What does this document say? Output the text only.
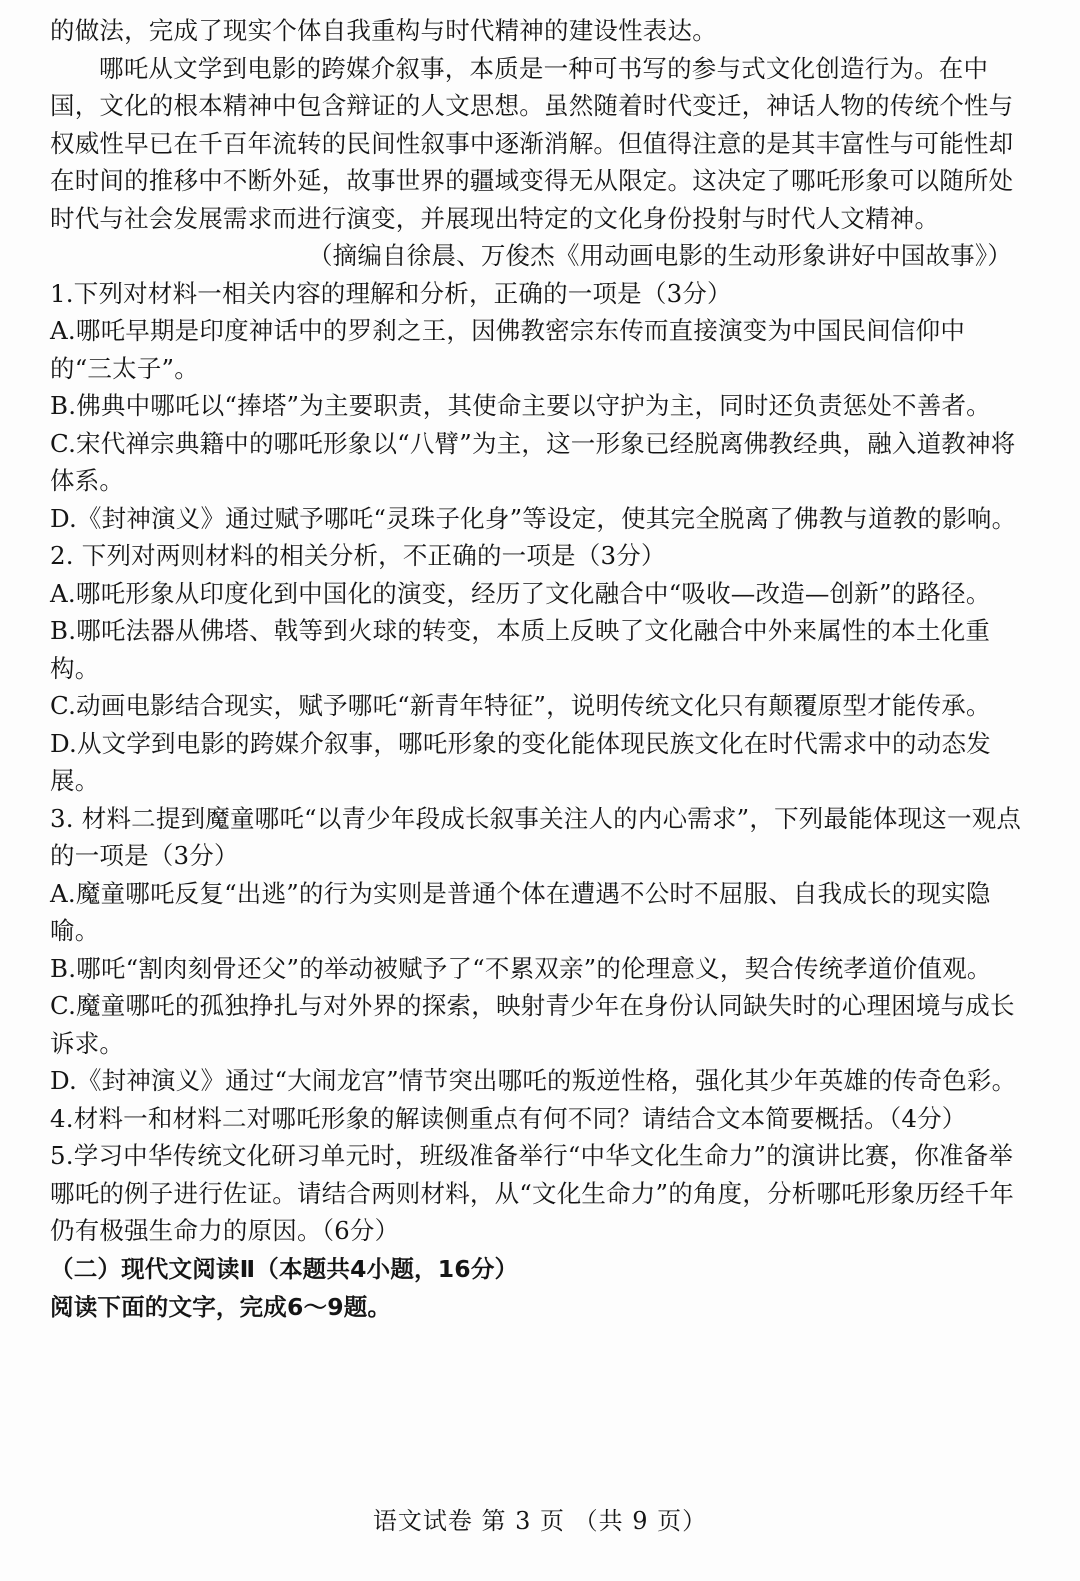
的做法，完成了现实个体自我重构与时代精神的建设性表达。

哪吒从文学到电影的跨媒介叙事，本质是一种可书写的参与式文化创造行为。在中国，文化的根本精神中包含辩证的人文思想。虽然随着时代变迁，神话人物的传统个性与权威性早已在千百年流转的民间性叙事中逐渐消解。但值得注意的是其丰富性与可能性却在时间的推移中不断外延，故事世界的疆域变得无从限定。这决定了哪吒形象可以随所处时代与社会发展需求而进行演变，并展现出特定的文化身份投射与时代人文精神。

（摘编自徐晨、万俊杰《用动画电影的生动形象讲好中国故事》）

1.下列对材料一相关内容的理解和分析，正确的一项是（3分）

A.哪吒早期是印度神话中的罗刹之王，因佛教密宗东传而直接演变为中国民间信仰中的“三太子”。

B.佛典中哪吒以“捧塔”为主要职责，其使命主要以守护为主，同时还负责惩处不善者。

C.宋代禅宗典籍中的哪吒形象以“八臂”为主，这一形象已经脱离佛教经典，融入道教神将体系。

D.《封神演义》通过赋予哪吒“灵珠子化身”等设定，使其完全脱离了佛教与道教的影响。

2. 下列对两则材料的相关分析，不正确的一项是（3分）

A.哪吒形象从印度化到中国化的演变，经历了文化融合中“吸收—改造—创新”的路径。

B.哪吒法器从佛塔、戟等到火球的转变，本质上反映了文化融合中外来属性的本土化重构。

C.动画电影结合现实，赋予哪吒“新青年特征”，说明传统文化只有颠覆原型才能传承。

D.从文学到电影的跨媒介叙事，哪吒形象的变化能体现民族文化在时代需求中的动态发展。

3. 材料二提到魔童哪吒“以青少年段成长叙事关注人的内心需求”，下列最能体现这一观点的一项是（3分）

A.魔童哪吒反复“出逃”的行为实则是普通个体在遭遇不公时不屈服、自我成长的现实隐喻。

B.哪吒“割肉刻骨还父”的举动被赋予了“不累双亲”的伦理意义，契合传统孝道价值观。

C.魔童哪吒的孤独挣扎与对外界的探索，映射青少年在身份认同缺失时的心理困境与成长诉求。

D.《封神演义》通过“大闹龙宫”情节突出哪吒的叛逆性格，强化其少年英雄的传奇色彩。

4.材料一和材料二对哪吒形象的解读侧重点有何不同？请结合文本简要概括。（4分）

5.学习中华传统文化研习单元时，班级准备举行“中华文化生命力”的演讲比赛，你准备举哪吒的例子进行佐证。请结合两则材料，从“文化生命力”的角度，分析哪吒形象历经千年仍有极强生命力的原因。（6分）

（二）现代文阅读Ⅱ（本题共4小题，16分）

阅读下面的文字，完成6～9题。

语文试卷 第 3 页 （共 9 页）
